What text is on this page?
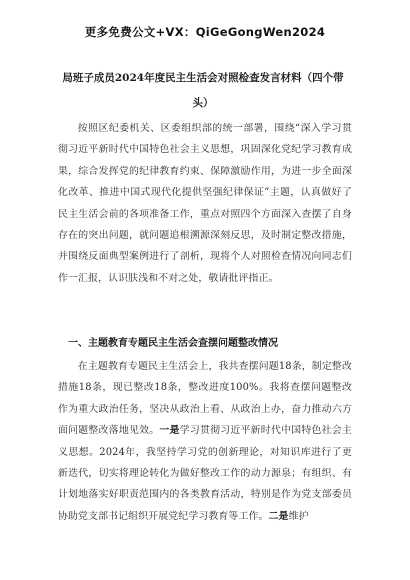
更多免费公文+VX：QiGeGongWen2024
局班子成员2024年度民主生活会对照检查发言材料（四个带头）

按照区纪委机关、区委组织部的统一部署，围绕“深入学习贯彻习近平新时代中国特色社会主义思想，巩固深化党纪学习教育成果，综合发挥党的纪律教育约束、保障激励作用，为进一步全面深化改革、推进中国式现代化提供坚强纪律保证”主题，认真做好了民主生活会前的各项准备工作，重点对照四个方面深入查摆了自身存在的突出问题，就问题追根溯源深刻反思，及时制定整改措施，并围绕反面典型案例进行了剖析，现将个人对照检查情况向同志们作一汇报，认识肤浅和不对之处，敬请批评指正。

一、主题教育专题民主生活会查摆问题整改情况

在主题教育专题民主生活会上，我共查摆问题18条，制定整改措施18条，现已整改18条，整改进度100%。我将查摆问题整改作为重大政治任务，坚决从政治上看、从政治上办，奋力推动六方面问题整改落地见效。一是学习贯彻习近平新时代中国特色社会主义思想。2024年，我坚持学习党的创新理论，对知识库进行了更新迭代，切实将理论转化为做好整改工作的动力源泉；有组织、有计划地落实好职责范围内的各类教育活动，特别是作为党支部委员协助党支部书记组织开展党纪学习教育等工作。二是维护
